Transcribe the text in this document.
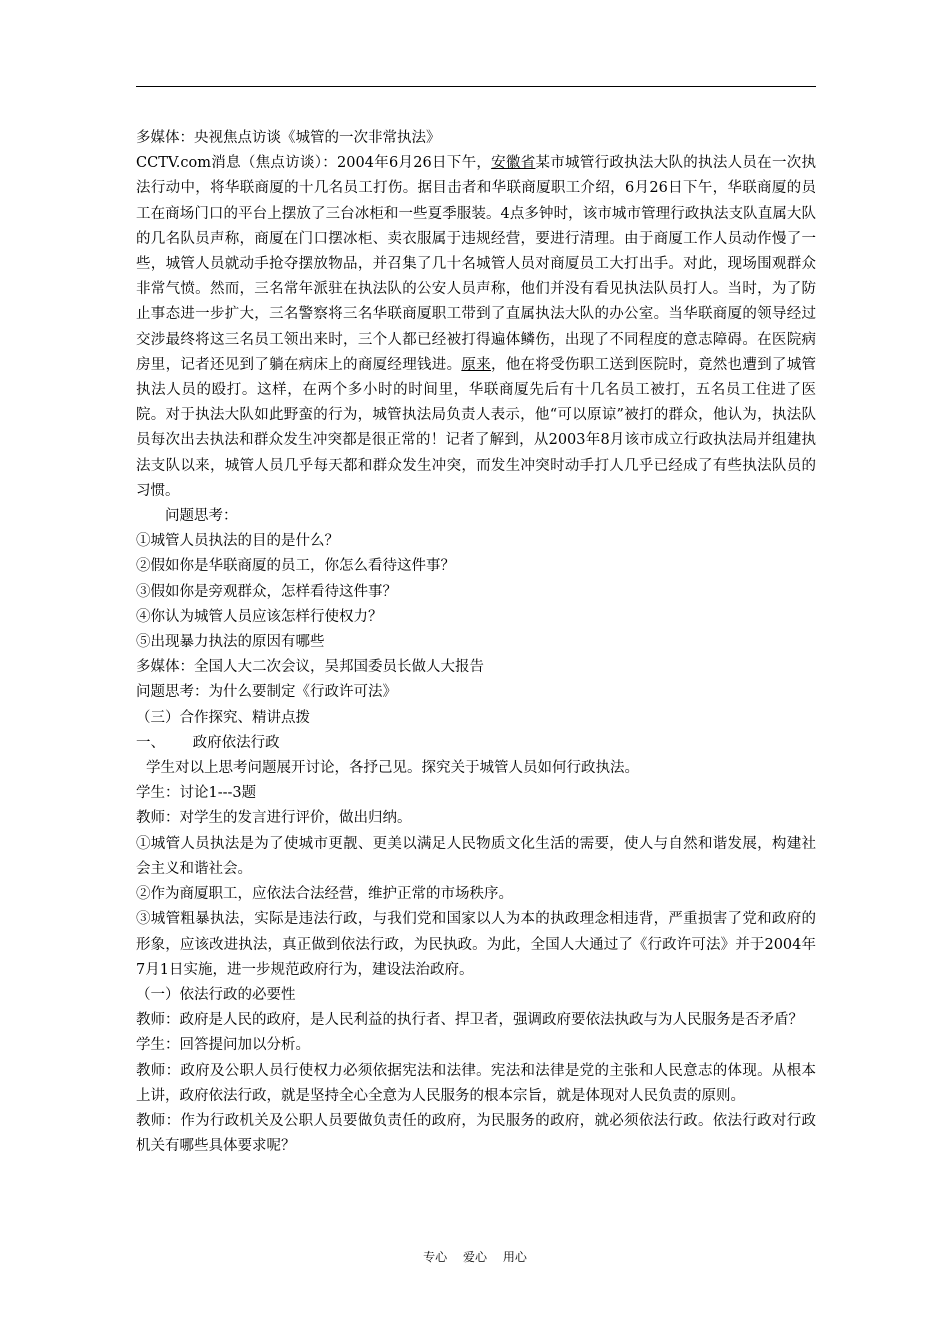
多媒体：央视焦点访谈《城管的一次非常执法》

CCTV.com消息（焦点访谈）：2004年6月26日下午，安徽省某市城管行政执法大队的执法人员在一次执法行动中，将华联商厦的十几名员工打伤。据目击者和华联商厦职工介绍，6月26日下午，华联商厦的员工在商场门口的平台上摆放了三台冰柜和一些夏季服装。4点多钟时，该市城市管理行政执法支队直属大队的几名队员声称，商厦在门口摆冰柜、卖衣服属于违规经营，要进行清理。由于商厦工作人员动作慢了一些，城管人员就动手抢夺摆放物品，并召集了几十名城管人员对商厦员工大打出手。对此，现场围观群众非常气愤。然而，三名常年派驻在执法队的公安人员声称，他们并没有看见执法队员打人。当时，为了防止事态进一步扩大，三名警察将三名华联商厦职工带到了直属执法大队的办公室。当华联商厦的领导经过交涉最终将这三名员工领出来时，三个人都已经被打得遍体鳞伤，出现了不同程度的意志障碍。在医院病房里，记者还见到了躺在病床上的商厦经理钱进。原来，他在将受伤职工送到医院时，竟然也遭到了城管执法人员的殴打。这样，在两个多小时的时间里，华联商厦先后有十几名员工被打，五名员工住进了医院。对于执法大队如此野蛮的行为，城管执法局负责人表示，他“可以原谅”被打的群众，他认为，执法队员每次出去执法和群众发生冲突都是很正常的！记者了解到，从2003年8月该市成立行政执法局并组建执法支队以来，城管人员几乎每天都和群众发生冲突，而发生冲突时动手打人几乎已经成了有些执法队员的习惯。

问题思考：

①城管人员执法的目的是什么？

②假如你是华联商厦的员工，你怎么看待这件事？

③假如你是旁观群众，怎样看待这件事？

④你认为城管人员应该怎样行使权力？

⑤出现暴力执法的原因有哪些

多媒体：全国人大二次会议，吴邦国委员长做人大报告

问题思考：为什么要制定《行政许可法》

（三）合作探究、精讲点拨

一、      政府依法行政

学生对以上思考问题展开讨论，各抒己见。探究关于城管人员如何行政执法。

学生：讨论1---3题

教师：对学生的发言进行评价，做出归纳。

①城管人员执法是为了使城市更靓、更美以满足人民物质文化生活的需要，使人与自然和谐发展，构建社会主义和谐社会。

②作为商厦职工，应依法合法经营，维护正常的市场秩序。

③城管粗暴执法，实际是违法行政，与我们党和国家以人为本的执政理念相违背，严重损害了党和政府的形象，应该改进执法，真正做到依法行政，为民执政。为此，全国人大通过了《行政许可法》并于2004年7月1日实施，进一步规范政府行为，建设法治政府。

（一）依法行政的必要性

教师：政府是人民的政府，是人民利益的执行者、捍卫者，强调政府要依法执政与为人民服务是否矛盾？

学生：回答提问加以分析。

教师：政府及公职人员行使权力必须依据宪法和法律。宪法和法律是党的主张和人民意志的体现。从根本上讲，政府依法行政，就是坚持全心全意为人民服务的根本宗旨，就是体现对人民负责的原则。

教师：作为行政机关及公职人员要做负责任的政府，为民服务的政府，就必须依法行政。依法行政对行政机关有哪些具体要求呢？

专心 爱心 用心
